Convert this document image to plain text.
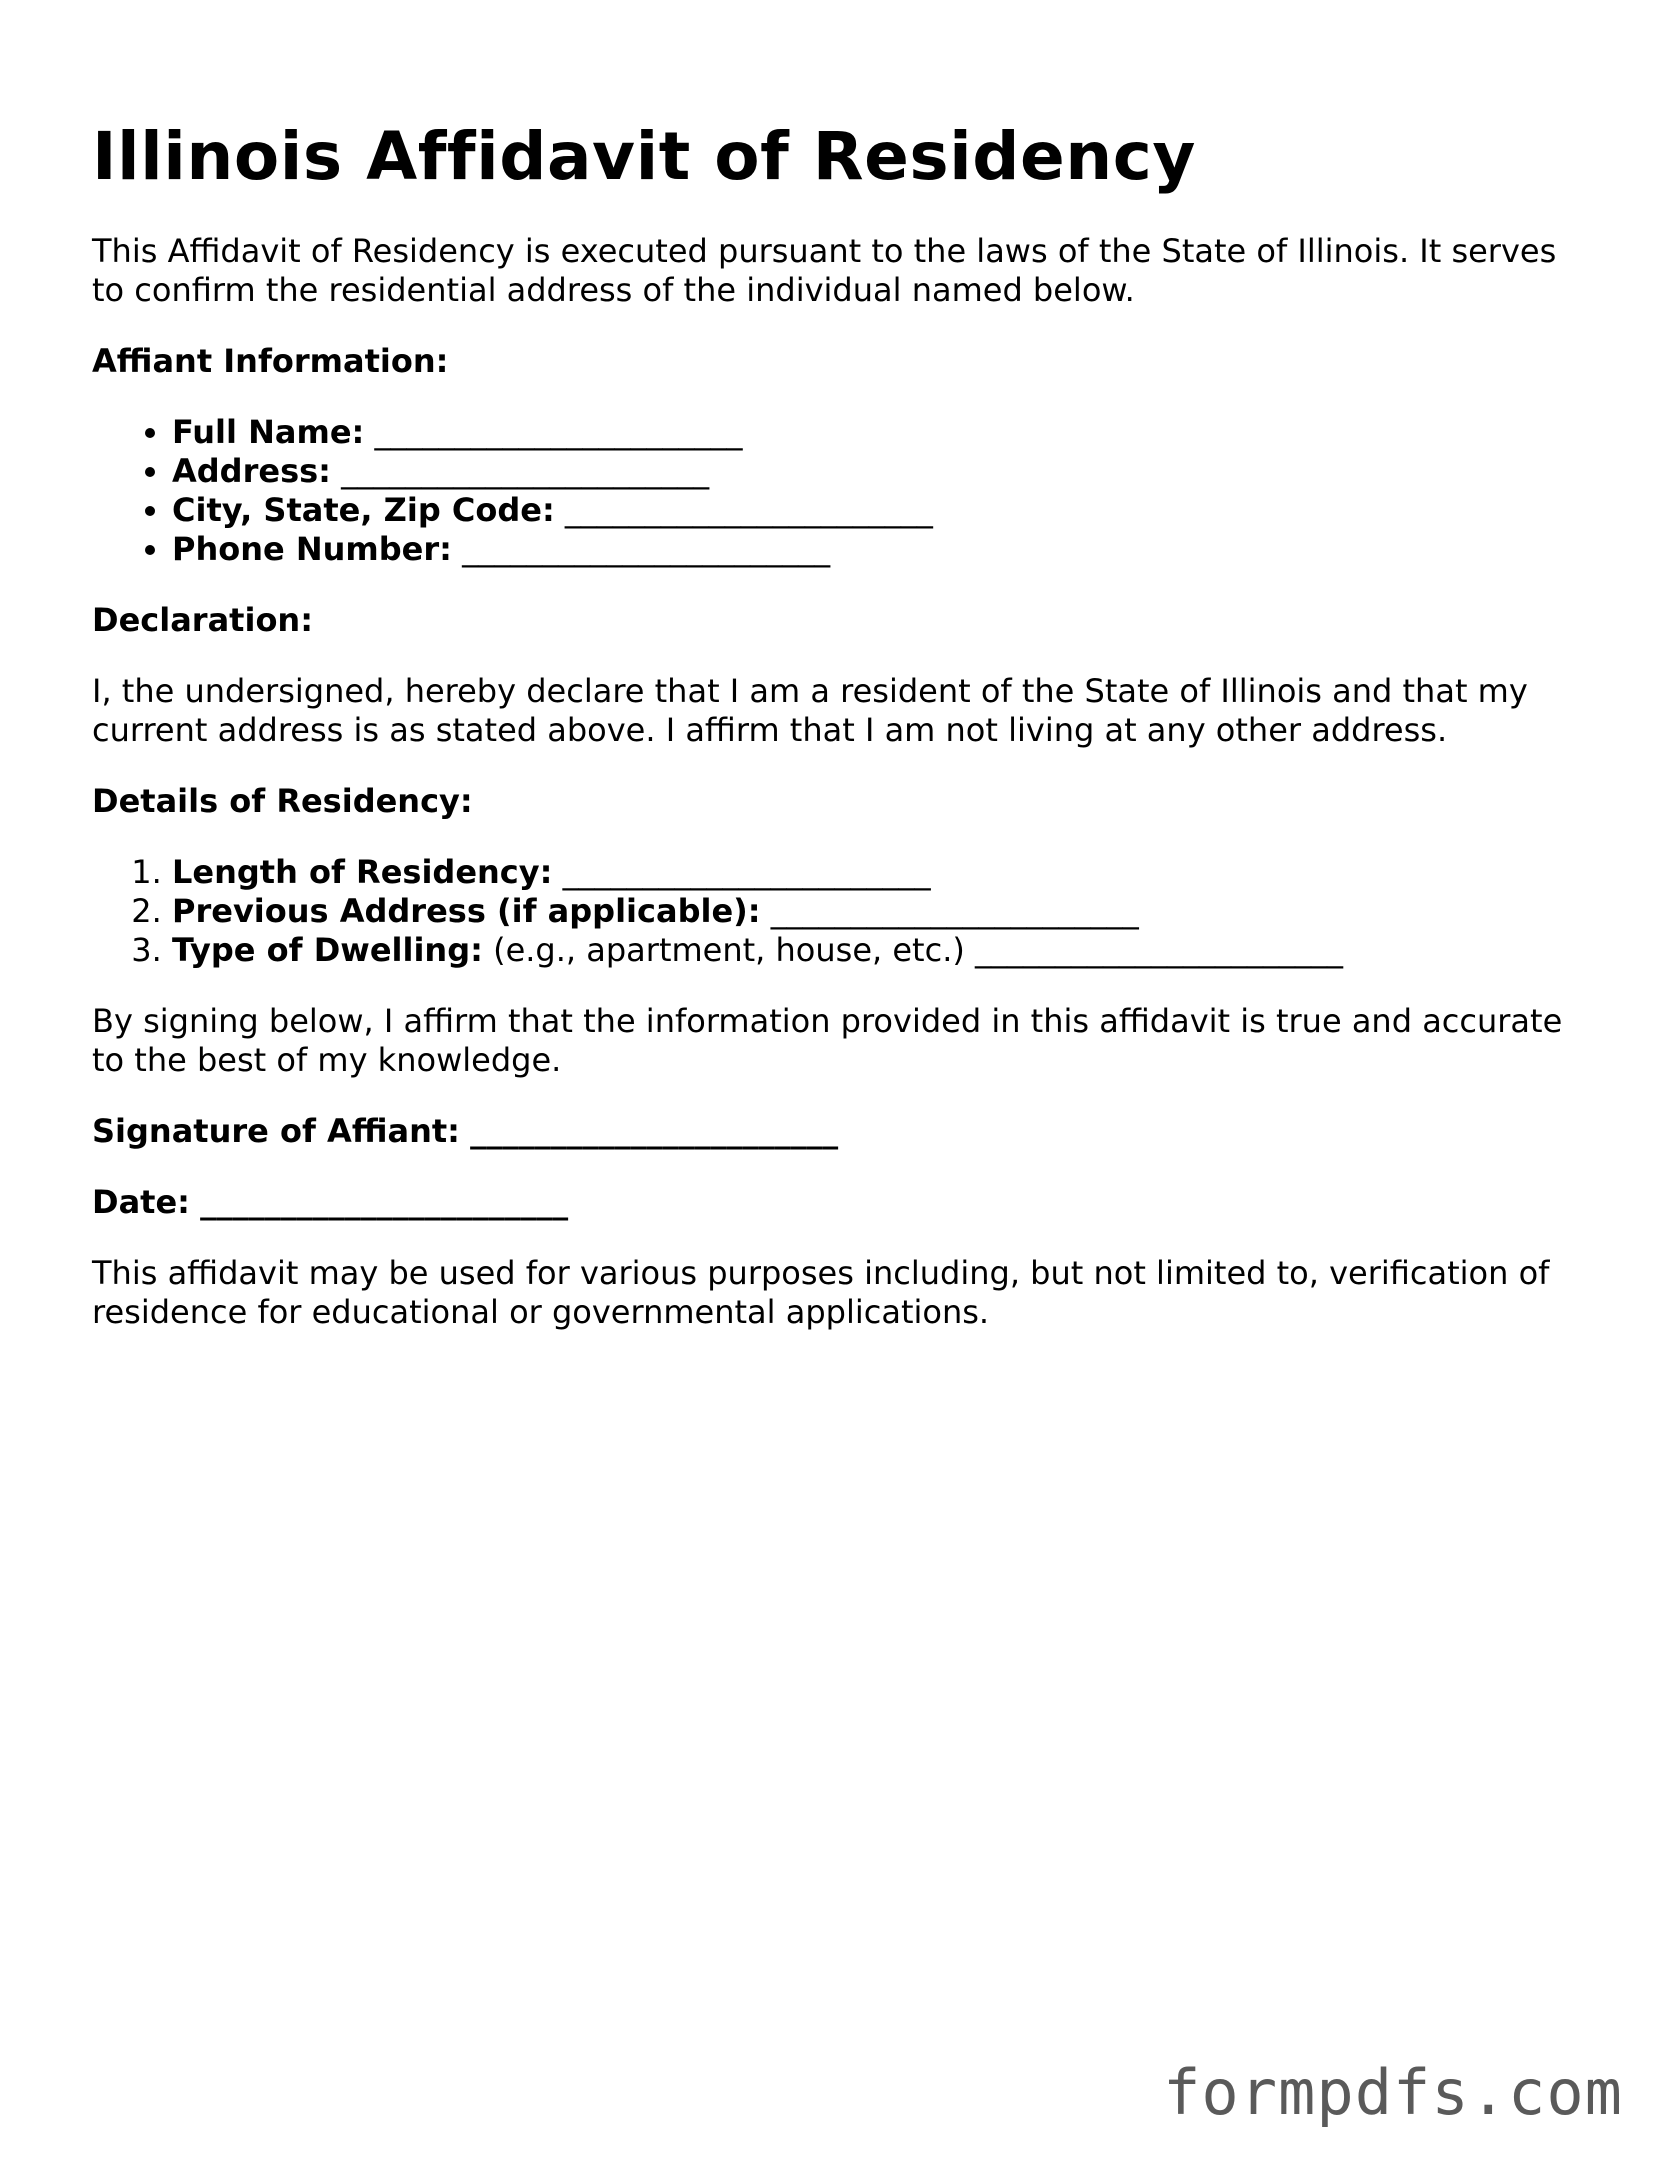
Illinois Affidavit of Residency

This Affidavit of Residency is executed pursuant to the laws of the State of Illinois. It serves to confirm the residential address of the individual named below.

Affiant Information:

• Full Name: _______________________
• Address: _______________________
• City, State, Zip Code: _______________________
• Phone Number: _______________________

Declaration:

I, the undersigned, hereby declare that I am a resident of the State of Illinois and that my current address is as stated above. I affirm that I am not living at any other address.

Details of Residency:

1. Length of Residency: _______________________
2. Previous Address (if applicable): _______________________
3. Type of Dwelling: (e.g., apartment, house, etc.) _______________________

By signing below, I affirm that the information provided in this affidavit is true and accurate to the best of my knowledge.

Signature of Affiant: _______________________

Date: _______________________

This affidavit may be used for various purposes including, but not limited to, verification of residence for educational or governmental applications.

formpdfs.com
